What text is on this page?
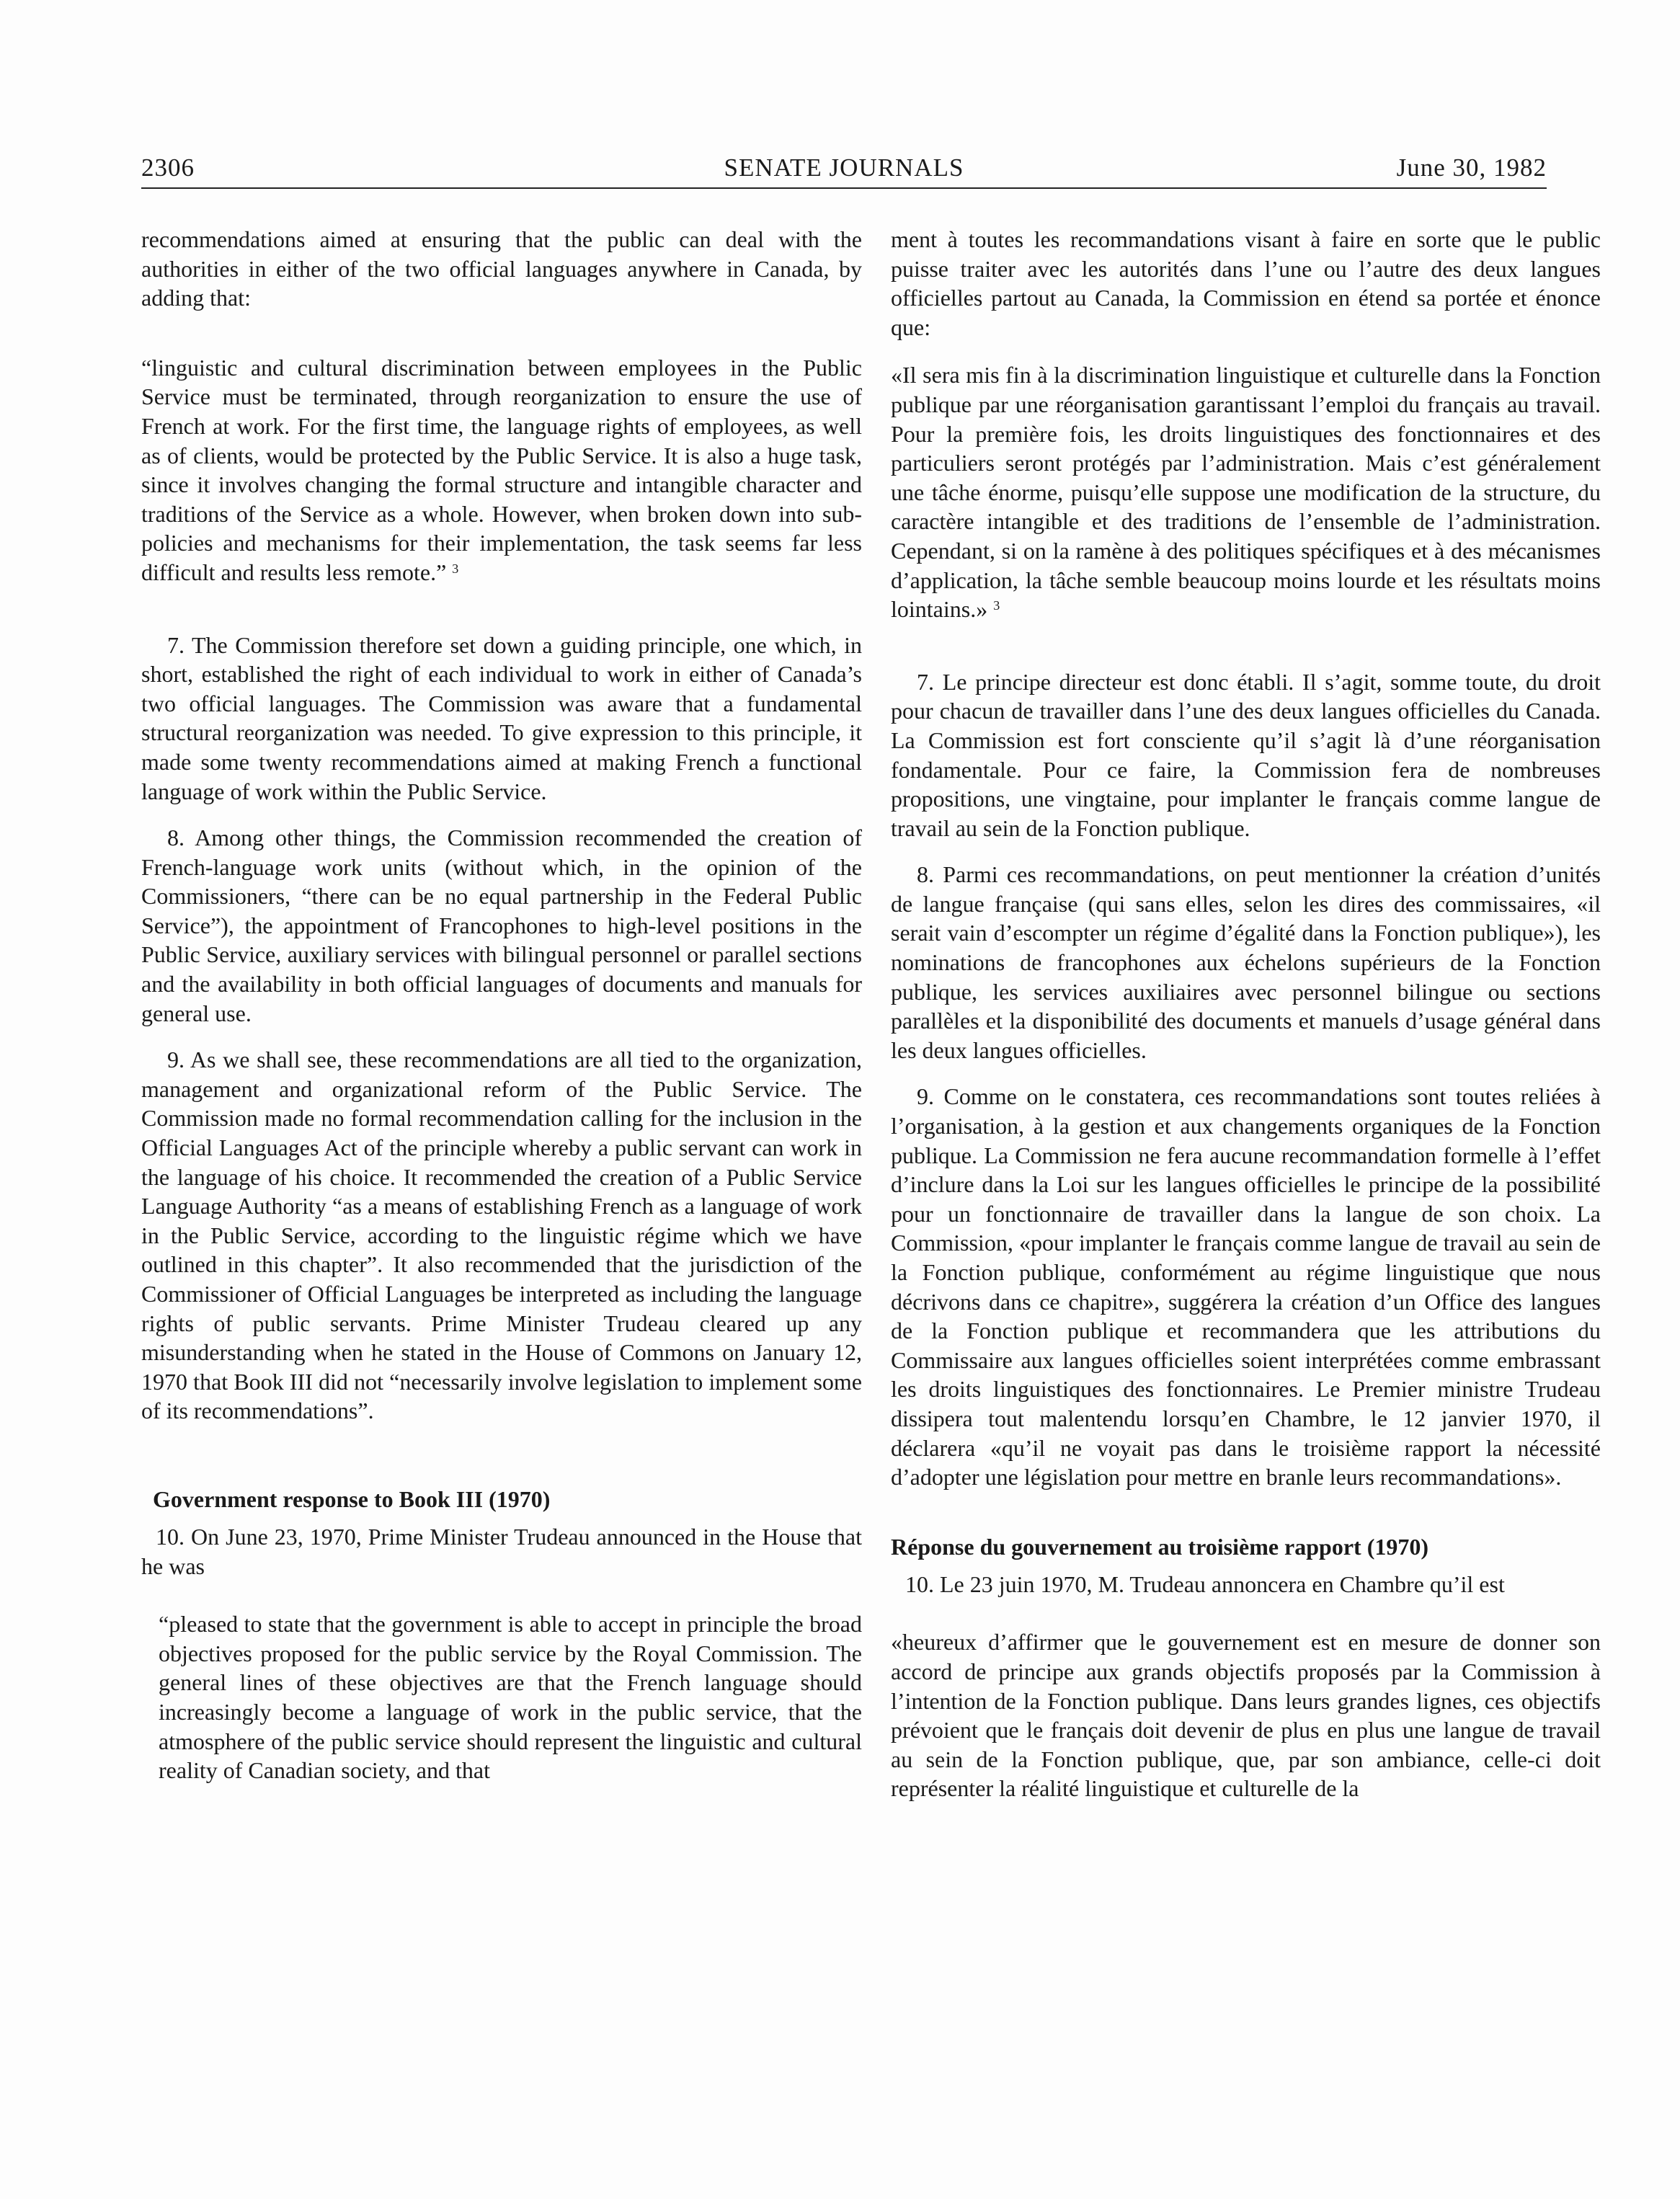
2306	SENATE JOURNALS	June 30, 1982

recommendations aimed at ensuring that the public can deal with the authorities in either of the two official languages anywhere in Canada, by adding that:

“linguistic and cultural discrimination between employees in the Public Service must be terminated, through reorganization to ensure the use of French at work. For the first time, the language rights of employees, as well as of clients, would be protected by the Public Service. It is also a huge task, since it involves changing the formal structure and intangible character and traditions of the Service as a whole. However, when broken down into sub-policies and mechanisms for their implementation, the task seems far less difficult and results less remote.” $^3$

7. The Commission therefore set down a guiding principle, one which, in short, established the right of each individual to work in either of Canada’s two official languages. The Commission was aware that a fundamental structural reorganization was needed. To give expression to this principle, it made some twenty recommendations aimed at making French a functional language of work within the Public Service.

8. Among other things, the Commission recommended the creation of French-language work units (without which, in the opinion of the Commissioners, “there can be no equal partnership in the Federal Public Service”), the appointment of Francophones to high-level positions in the Public Service, auxiliary services with bilingual personnel or parallel sections and the availability in both official languages of documents and manuals for general use.

9. As we shall see, these recommendations are all tied to the organization, management and organizational reform of the Public Service. The Commission made no formal recommendation calling for the inclusion in the Official Languages Act of the principle whereby a public servant can work in the language of his choice. It recommended the creation of a Public Service Language Authority “as a means of establishing French as a language of work in the Public Service, according to the linguistic régime which we have outlined in this chapter”. It also recommended that the jurisdiction of the Commissioner of Official Languages be interpreted as including the language rights of public servants. Prime Minister Trudeau cleared up any misunderstanding when he stated in the House of Commons on January 12, 1970 that Book III did not “necessarily involve legislation to implement some of its recommendations”.

Government response to Book III (1970)

10. On June 23, 1970, Prime Minister Trudeau announced in the House that he was

“pleased to state that the government is able to accept in principle the broad objectives proposed for the public service by the Royal Commission. The general lines of these objectives are that the French language should increasingly become a language of work in the public service, that the atmosphere of the public service should represent the linguistic and cultural reality of Canadian society, and that

ment à toutes les recommandations visant à faire en sorte que le public puisse traiter avec les autorités dans l’une ou l’autre des deux langues officielles partout au Canada, la Commission en étend sa portée et énonce que:

«Il sera mis fin à la discrimination linguistique et culturelle dans la Fonction publique par une réorganisation garantissant l’emploi du français au travail. Pour la première fois, les droits linguistiques des fonctionnaires et des particuliers seront protégés par l’administration. Mais c’est généralement une tâche énorme, puisqu’elle suppose une modification de la structure, du caractère intangible et des traditions de l’ensemble de l’administration. Cependant, si on la ramène à des politiques spécifiques et à des mécanismes d’application, la tâche semble beaucoup moins lourde et les résultats moins lointains.» $^3$

7. Le principe directeur est donc établi. Il s’agit, somme toute, du droit pour chacun de travailler dans l’une des deux langues officielles du Canada. La Commission est fort consciente qu’il s’agit là d’une réorganisation fondamentale. Pour ce faire, la Commission fera de nombreuses propositions, une vingtaine, pour implanter le français comme langue de travail au sein de la Fonction publique.

8. Parmi ces recommandations, on peut mentionner la création d’unités de langue française (qui sans elles, selon les dires des commissaires, «il serait vain d’escompter un régime d’égalité dans la Fonction publique»), les nominations de francophones aux échelons supérieurs de la Fonction publique, les services auxiliaires avec personnel bilingue ou sections parallèles et la disponibilité des documents et manuels d’usage général dans les deux langues officielles.

9. Comme on le constatera, ces recommandations sont toutes reliées à l’organisation, à la gestion et aux changements organiques de la Fonction publique. La Commission ne fera aucune recommandation formelle à l’effet d’inclure dans la Loi sur les langues officielles le principe de la possibilité pour un fonctionnaire de travailler dans la langue de son choix. La Commission, «pour implanter le français comme langue de travail au sein de la Fonction publique, conformément au régime linguistique que nous décrivons dans ce chapitre», suggérera la création d’un Office des langues de la Fonction publique et recommandera que les attributions du Commissaire aux langues officielles soient interprétées comme embrassant les droits linguistiques des fonctionnaires. Le Premier ministre Trudeau dissipera tout malentendu lorsqu’en Chambre, le 12 janvier 1970, il déclarera «qu’il ne voyait pas dans le troisième rapport la nécessité d’adopter une législation pour mettre en branle leurs recommandations».

Réponse du gouvernement au troisième rapport (1970)

10. Le 23 juin 1970, M. Trudeau annoncera en Chambre qu’il est

«heureux d’affirmer que le gouvernement est en mesure de donner son accord de principe aux grands objectifs proposés par la Commission à l’intention de la Fonction publique. Dans leurs grandes lignes, ces objectifs prévoient que le français doit devenir de plus en plus une langue de travail au sein de la Fonction publique, que, par son ambiance, celle-ci doit représenter la réalité linguistique et culturelle de la
